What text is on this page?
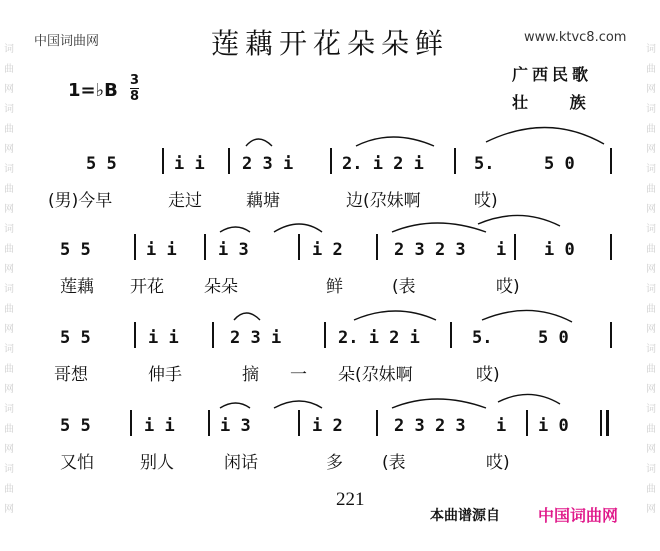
词
曲
网
词
曲
网
词
曲
网
词
曲
网
词
曲
网
词
曲
网
词
曲
网
词
曲
网
词
曲
网
词
曲
网
词
曲
网
词
曲
网
词
曲
网
词
曲
网
词
曲
网
词
曲
网
中国词曲网	www.ktvc8.com
莲藕开花朵朵鲜
1=♭B $\frac{3}{8}$	广西民歌
壮 族
5 5	i i 2 3 i	2. i 2 i	5.	5 0
(男)今早	走过	藕塘	边(尕妹啊	哎)
5 5	i i i 3	i 2	2 3 2 3 i i 0
莲藕 开花 朵朵	鲜	(表	哎)
5 5	i i	2 3 i	2. i 2 i	5.	5 0
哥想	伸手	摘 一 朵(尕妹啊	哎)
5 5	i i	i 3	i 2	2 3 2 3 i i 0
又怕	别人	闲话	多 (表	哎)
221
本曲谱源自 中国词曲网
